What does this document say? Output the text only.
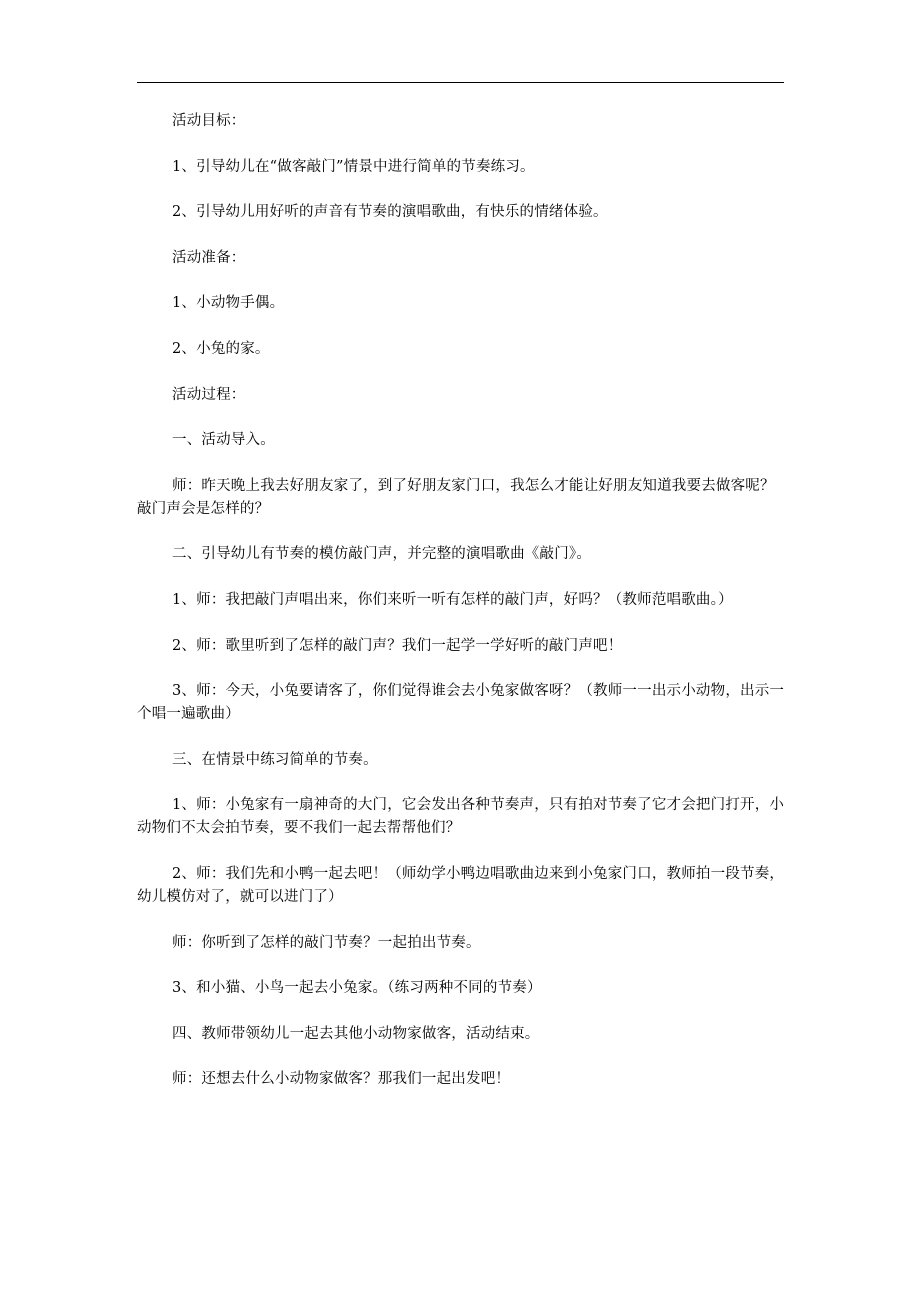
活动目标：

1、引导幼儿在“做客敲门”情景中进行简单的节奏练习。

2、引导幼儿用好听的声音有节奏的演唱歌曲，有快乐的情绪体验。

活动准备：

1、小动物手偶。

2、小兔的家。

活动过程：

一、活动导入。

师：昨天晚上我去好朋友家了，到了好朋友家门口，我怎么才能让好朋友知道我要去做客呢？敲门声会是怎样的？

二、引导幼儿有节奏的模仿敲门声，并完整的演唱歌曲《敲门》。

1、师：我把敲门声唱出来，你们来听一听有怎样的敲门声，好吗？（教师范唱歌曲。）

2、师：歌里听到了怎样的敲门声？我们一起学一学好听的敲门声吧！

3、师：今天，小兔要请客了，你们觉得谁会去小兔家做客呀？（教师一一出示小动物，出示一个唱一遍歌曲）

三、在情景中练习简单的节奏。

1、师：小兔家有一扇神奇的大门，它会发出各种节奏声，只有拍对节奏了它才会把门打开，小动物们不太会拍节奏，要不我们一起去帮帮他们？

2、师：我们先和小鸭一起去吧！（师幼学小鸭边唱歌曲边来到小兔家门口，教师拍一段节奏，幼儿模仿对了，就可以进门了）

师：你听到了怎样的敲门节奏？一起拍出节奏。

3、和小猫、小鸟一起去小兔家。（练习两种不同的节奏）

四、教师带领幼儿一起去其他小动物家做客，活动结束。

师：还想去什么小动物家做客？那我们一起出发吧！
